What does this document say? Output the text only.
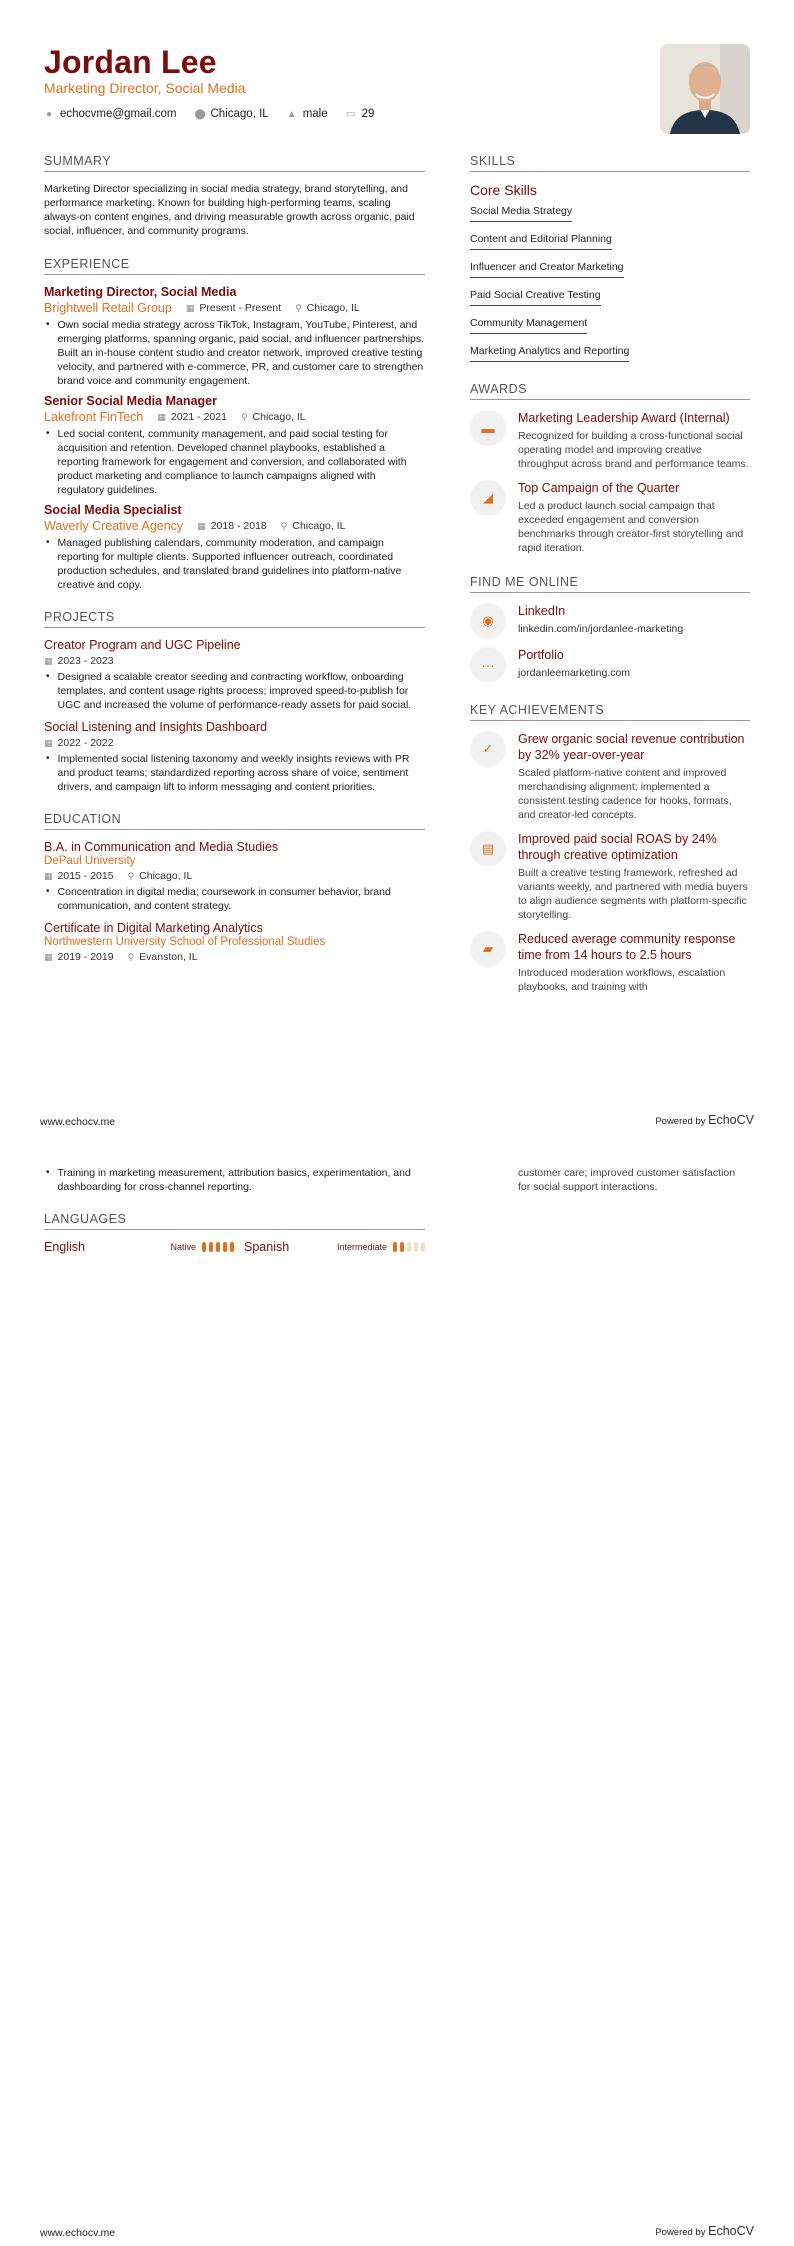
Jordan Lee
Marketing Director, Social Media
● echocvme@gmail.com ⬤ Chicago, IL ▲ male ▭ 29
SUMMARY
Marketing Director specializing in social media strategy, brand storytelling, and performance marketing. Known for building high-performing teams, scaling always-on content engines, and driving measurable growth across organic, paid social, influencer, and community programs.
EXPERIENCE
Marketing Director, Social Media
Brightwell Retail Group ▦ Present - Present ⚲ Chicago, IL
• Own social media strategy across TikTok, Instagram, YouTube, Pinterest, and emerging platforms, spanning organic, paid social, and influencer partnerships. Built an in-house content studio and creator network, improved creative testing velocity, and partnered with e-commerce, PR, and customer care to strengthen brand voice and community engagement.
Senior Social Media Manager
Lakefront FinTech ▦ 2021 - 2021 ⚲ Chicago, IL
• Led social content, community management, and paid social testing for acquisition and retention. Developed channel playbooks, established a reporting framework for engagement and conversion, and collaborated with product marketing and compliance to launch campaigns aligned with regulatory guidelines.
Social Media Specialist
Waverly Creative Agency ▦ 2018 - 2018 ⚲ Chicago, IL
• Managed publishing calendars, community moderation, and campaign reporting for multiple clients. Supported influencer outreach, coordinated production schedules, and translated brand guidelines into platform-native creative and copy.
PROJECTS
Creator Program and UGC Pipeline
▦ 2023 - 2023
• Designed a scalable creator seeding and contracting workflow, onboarding templates, and content usage rights process; improved speed-to-publish for UGC and increased the volume of performance-ready assets for paid social.
Social Listening and Insights Dashboard
▦ 2022 - 2022
• Implemented social listening taxonomy and weekly insights reviews with PR and product teams; standardized reporting across share of voice, sentiment drivers, and campaign lift to inform messaging and content priorities.
EDUCATION
B.A. in Communication and Media Studies
DePaul University
▦ 2015 - 2015 ⚲ Chicago, IL
• Concentration in digital media; coursework in consumer behavior, brand communication, and content strategy.
Certificate in Digital Marketing Analytics
Northwestern University School of Professional Studies
▦ 2019 - 2019 ⚲ Evanston, IL
SKILLS
Core Skills
Social Media Strategy
Content and Editorial Planning
Influencer and Creator Marketing
Paid Social Creative Testing
Community Management
Marketing Analytics and Reporting
AWARDS
▬
Marketing Leadership Award (Internal)
Recognized for building a cross-functional social operating model and improving creative throughput across brand and performance teams.
◢
Top Campaign of the Quarter
Led a product launch social campaign that exceeded engagement and conversion benchmarks through creator-first storytelling and rapid iteration.
FIND ME ONLINE
◉
LinkedIn
linkedin.com/in/jordanlee-marketing
···
Portfolio
jordanleemarketing.com
KEY ACHIEVEMENTS
✓
Grew organic social revenue contribution by 32% year-over-year
Scaled platform-native content and improved merchandising alignment; implemented a consistent testing cadence for hooks, formats, and creator-led concepts.
▤
Improved paid social ROAS by 24% through creative optimization
Built a creative testing framework, refreshed ad variants weekly, and partnered with media buyers to align audience segments with platform-specific storytelling.
▰
Reduced average community response time from 14 hours to 2.5 hours
Introduced moderation workflows, escalation playbooks, and training with
www.echocv.me	Powered by EchoCV
• Training in marketing measurement, attribution basics, experimentation, and dashboarding for cross-channel reporting.
LANGUAGES
English	Native	Spanish	Intermediate
customer care; improved customer satisfaction for social support interactions.
www.echocv.me	Powered by EchoCV
